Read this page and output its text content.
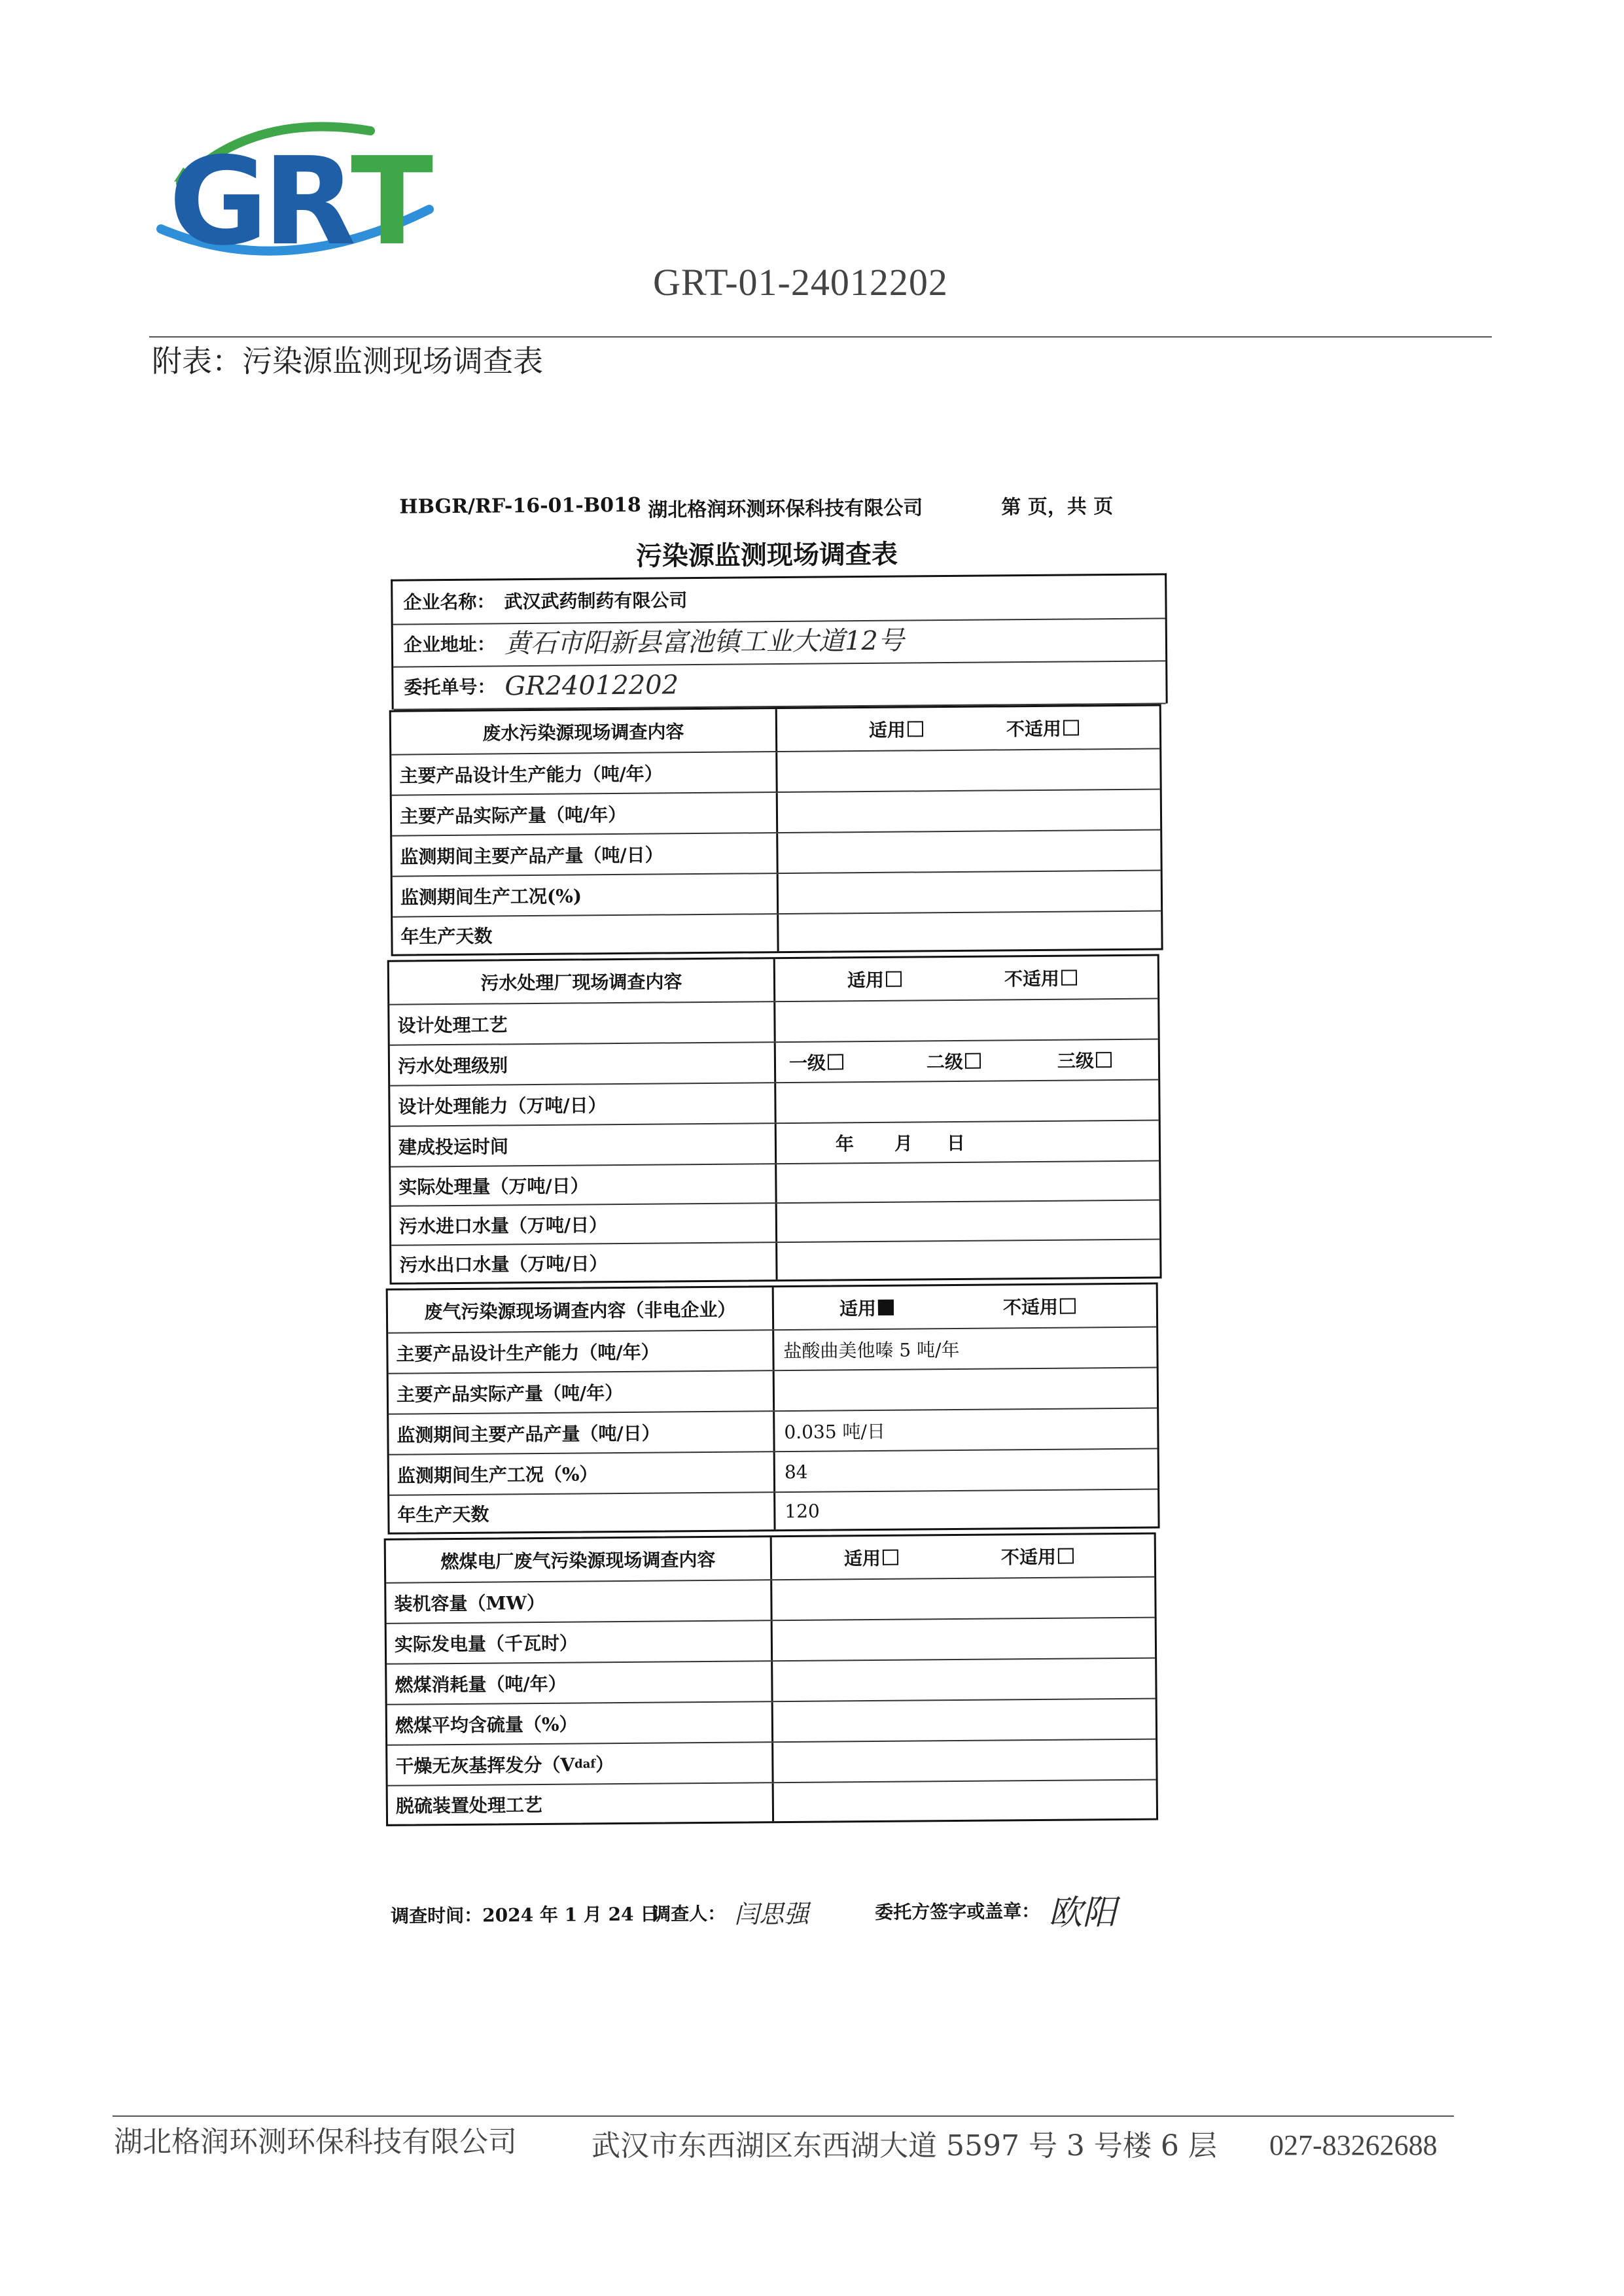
GR T
GRT-01-24012202
附表：污染源监测现场调查表
HBGR/RF-16-01-B018 湖北格润环测环保科技有限公司	第 页，共 页
污染源监测现场调查表
企业名称： 武汉武药制药有限公司
企业地址： 黄石市阳新县富池镇工业大道12号
委托单号： GR24012202
废水污染源现场调查内容	适用	不适用
主要产品设计生产能力（吨/年）
主要产品实际产量（吨/年）
监测期间主要产品产量（吨/日）
监测期间生产工况(%)
年生产天数
污水处理厂现场调查内容	适用	不适用
设计处理工艺
污水处理级别	一级	二级	三级
设计处理能力（万吨/日）
建成投运时间	年 月 日
实际处理量（万吨/日）
污水进口水量（万吨/日）
污水出口水量（万吨/日）
废气污染源现场调查内容（非电企业）	适用	不适用
主要产品设计生产能力（吨/年）	盐酸曲美他嗪 5 吨/年
主要产品实际产量（吨/年）
监测期间主要产品产量（吨/日）	0.035 吨/日
监测期间生产工况（%）	84
年生产天数	120
燃煤电厂废气污染源现场调查内容	适用	不适用
装机容量（MW）
实际发电量（千瓦时）
燃煤消耗量（吨/年）
燃煤平均含硫量（%）
干燥无灰基挥发分（V daf ）
脱硫装置处理工艺
调查时间：2024 年 1 月 24 日
调查人： 闫思强	委托方签字或盖章： 欧阳
湖北格润环测环保科技有限公司	武汉市东西湖区东西湖大道 5597 号 3 号楼 6 层 027-83262688
